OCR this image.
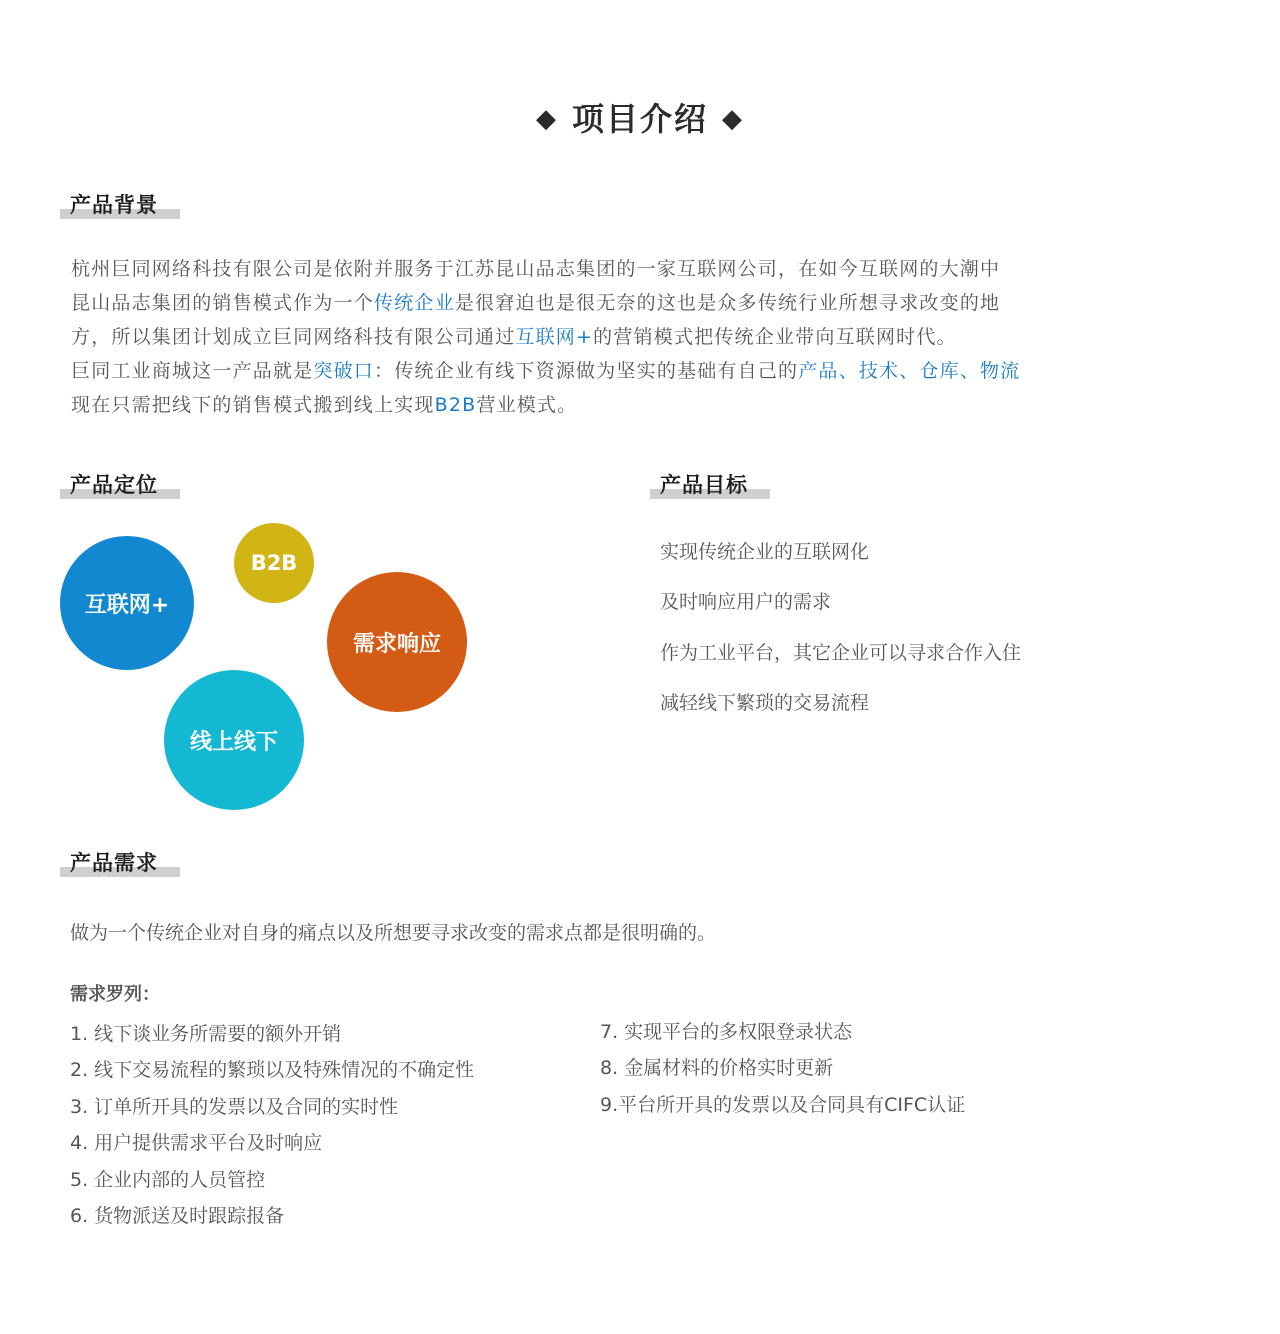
◆ 项目介绍 ◆
产品背景
杭州巨同网络科技有限公司是依附并服务于江苏昆山品志集团的一家互联网公司，在如今互联网的大潮中
昆山品志集团的销售模式作为一个传统企业是很窘迫也是很无奈的这也是众多传统行业所想寻求改变的地
方，所以集团计划成立巨同网络科技有限公司通过互联网+的营销模式把传统企业带向互联网时代。
巨同工业商城这一产品就是突破口：传统企业有线下资源做为坚实的基础有自己的产品、技术、仓库、物流
现在只需把线下的销售模式搬到线上实现B2B营业模式。
产品定位
互联网+
B2B
需求响应
线上线下
产品目标
实现传统企业的互联网化
及时响应用户的需求
作为工业平台，其它企业可以寻求合作入住
减轻线下繁琐的交易流程
产品需求
做为一个传统企业对自身的痛点以及所想要寻求改变的需求点都是很明确的。
需求罗列：
1. 线下谈业务所需要的额外开销
2. 线下交易流程的繁琐以及特殊情况的不确定性
3. 订单所开具的发票以及合同的实时性
4. 用户提供需求平台及时响应
5. 企业内部的人员管控
6. 货物派送及时跟踪报备
7. 实现平台的多权限登录状态
8. 金属材料的价格实时更新
9.平台所开具的发票以及合同具有CIFC认证
